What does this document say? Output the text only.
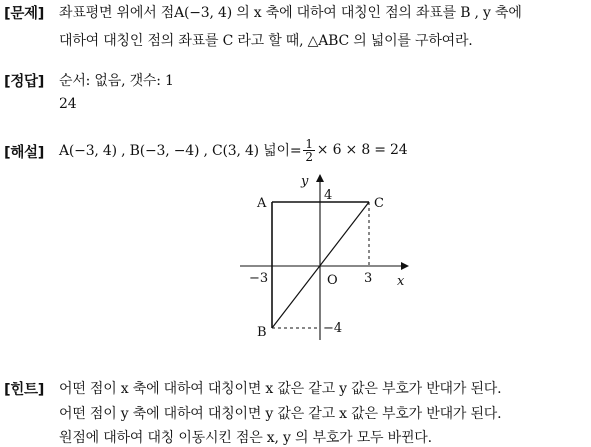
[문제] 좌표평면 위에서 점A(−3, 4) 의 x 축에 대하여 대칭인 점의 좌표를 B , y 축에
대하여 대칭인 점의 좌표를 C 라고 할 때, △ABC 의 넓이를 구하여라.
[정답] 순서: 없음, 갯수: 1
24
[해설] A(−3, 4) , B(−3, −4) , C(3, 4) 넓이= $\frac{1}{2} \times 6 \times 8 = 24$
A
B
C
O	x
y
4
−4
3
−3
[힌트] 어떤 점이 x 축에 대하여 대칭이면 x 값은 같고 y 값은 부호가 반대가 된다.
어떤 점이 y 축에 대하여 대칭이면 y 값은 같고 x 값은 부호가 반대가 된다.
원점에 대하여 대칭 이동시킨 점은 x, y 의 부호가 모두 바뀐다.
